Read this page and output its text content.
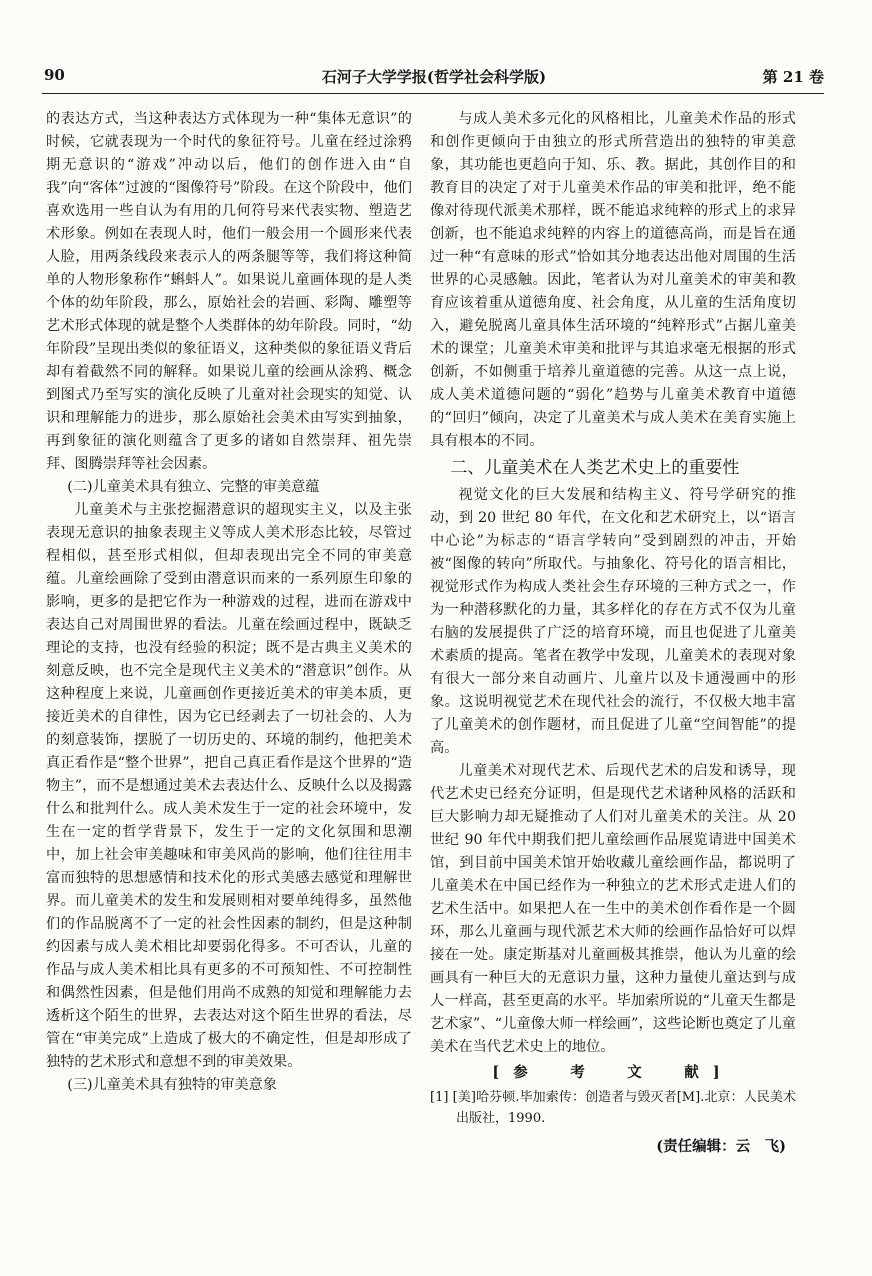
90	石河子大学学报(哲学社会科学版)	第 21 卷

的表达方式，当这种表达方式体现为一种“集体无意识”的时候，它就表现为一个时代的象征符号。儿童在经过涂鸦期无意识的“游戏”冲动以后，他们的创作进入由“自我”向“客体”过渡的“图像符号”阶段。在这个阶段中，他们喜欢选用一些自认为有用的几何符号来代表实物、塑造艺术形象。例如在表现人时，他们一般会用一个圆形来代表人脸，用两条线段来表示人的两条腿等等，我们将这种简单的人物形象称作“蝌蚪人”。如果说儿童画体现的是人类个体的幼年阶段，那么，原始社会的岩画、彩陶、雕塑等艺术形式体现的就是整个人类群体的幼年阶段。同时，“幼年阶段”呈现出类似的象征语义，这种类似的象征语义背后却有着截然不同的解释。如果说儿童的绘画从涂鸦、概念到图式乃至写实的演化反映了儿童对社会现实的知觉、认识和理解能力的进步，那么原始社会美术由写实到抽象，再到象征的演化则蕴含了更多的诸如自然崇拜、祖先崇拜、图腾崇拜等社会因素。

(二)儿童美术具有独立、完整的审美意蕴

儿童美术与主张挖掘潜意识的超现实主义，以及主张表现无意识的抽象表现主义等成人美术形态比较，尽管过程相似，甚至形式相似，但却表现出完全不同的审美意蕴。儿童绘画除了受到由潜意识而来的一系列原生印象的影响，更多的是把它作为一种游戏的过程，进而在游戏中表达自己对周围世界的看法。儿童在绘画过程中，既缺乏理论的支持，也没有经验的积淀；既不是古典主义美术的刻意反映，也不完全是现代主义美术的“潜意识”创作。从这种程度上来说，儿童画创作更接近美术的审美本质，更接近美术的自律性，因为它已经剥去了一切社会的、人为的刻意装饰，摆脱了一切历史的、环境的制约，他把美术真正看作是“整个世界”，把自己真正看作是这个世界的“造物主”，而不是想通过美术去表达什么、反映什么以及揭露什么和批判什么。成人美术发生于一定的社会环境中，发生在一定的哲学背景下，发生于一定的文化氛围和思潮中，加上社会审美趣味和审美风尚的影响，他们往往用丰富而独特的思想感情和技术化的形式美感去感觉和理解世界。而儿童美术的发生和发展则相对要单纯得多，虽然他们的作品脱离不了一定的社会性因素的制约，但是这种制约因素与成人美术相比却要弱化得多。不可否认，儿童的作品与成人美术相比具有更多的不可预知性、不可控制性和偶然性因素，但是他们用尚不成熟的知觉和理解能力去透析这个陌生的世界，去表达对这个陌生世界的看法，尽管在“审美完成”上造成了极大的不确定性，但是却形成了独特的艺术形式和意想不到的审美效果。

(三)儿童美术具有独特的审美意象

与成人美术多元化的风格相比，儿童美术作品的形式和创作更倾向于由独立的形式所营造出的独特的审美意象，其功能也更趋向于知、乐、教。据此，其创作目的和教育目的决定了对于儿童美术作品的审美和批评，绝不能像对待现代派美术那样，既不能追求纯粹的形式上的求异创新，也不能追求纯粹的内容上的道德高尚，而是旨在通过一种“有意味的形式”恰如其分地表达出他对周围的生活世界的心灵感触。因此，笔者认为对儿童美术的审美和教育应该着重从道德角度、社会角度，从儿童的生活角度切入，避免脱离儿童具体生活环境的“纯粹形式”占据儿童美术的课堂；儿童美术审美和批评与其追求毫无根据的形式创新，不如侧重于培养儿童道德的完善。从这一点上说，成人美术道德问题的“弱化”趋势与儿童美术教育中道德的“回归”倾向，决定了儿童美术与成人美术在美育实施上具有根本的不同。

二、儿童美术在人类艺术史上的重要性

视觉文化的巨大发展和结构主义、符号学研究的推动，到 20 世纪 80 年代，在文化和艺术研究上，以“语言中心论”为标志的“语言学转向”受到剧烈的冲击，开始被“图像的转向”所取代。与抽象化、符号化的语言相比，视觉形式作为构成人类社会生存环境的三种方式之一，作为一种潜移默化的力量，其多样化的存在方式不仅为儿童右脑的发展提供了广泛的培育环境，而且也促进了儿童美术素质的提高。笔者在教学中发现，儿童美术的表现对象有很大一部分来自动画片、儿童片以及卡通漫画中的形象。这说明视觉艺术在现代社会的流行，不仅极大地丰富了儿童美术的创作题材，而且促进了儿童“空间智能”的提高。

儿童美术对现代艺术、后现代艺术的启发和诱导，现代艺术史已经充分证明，但是现代艺术诸种风格的活跃和巨大影响力却无疑推动了人们对儿童美术的关注。从 20 世纪 90 年代中期我们把儿童绘画作品展览请进中国美术馆，到目前中国美术馆开始收藏儿童绘画作品，都说明了儿童美术在中国已经作为一种独立的艺术形式走进人们的艺术生活中。如果把人在一生中的美术创作看作是一个圆环，那么儿童画与现代派艺术大师的绘画作品恰好可以焊接在一处。康定斯基对儿童画极其推崇，他认为儿童的绘画具有一种巨大的无意识力量，这种力量使儿童达到与成人一样高，甚至更高的水平。毕加索所说的“儿童天生都是艺术家”、“儿童像大师一样绘画”，这些论断也奠定了儿童美术在当代艺术史上的地位。

[参　考　文　献]

[1] [美]哈芬顿.毕加索传：创造者与毁灭者[M].北京：人民美术出版社，1990.

(责任编辑：云　飞)
